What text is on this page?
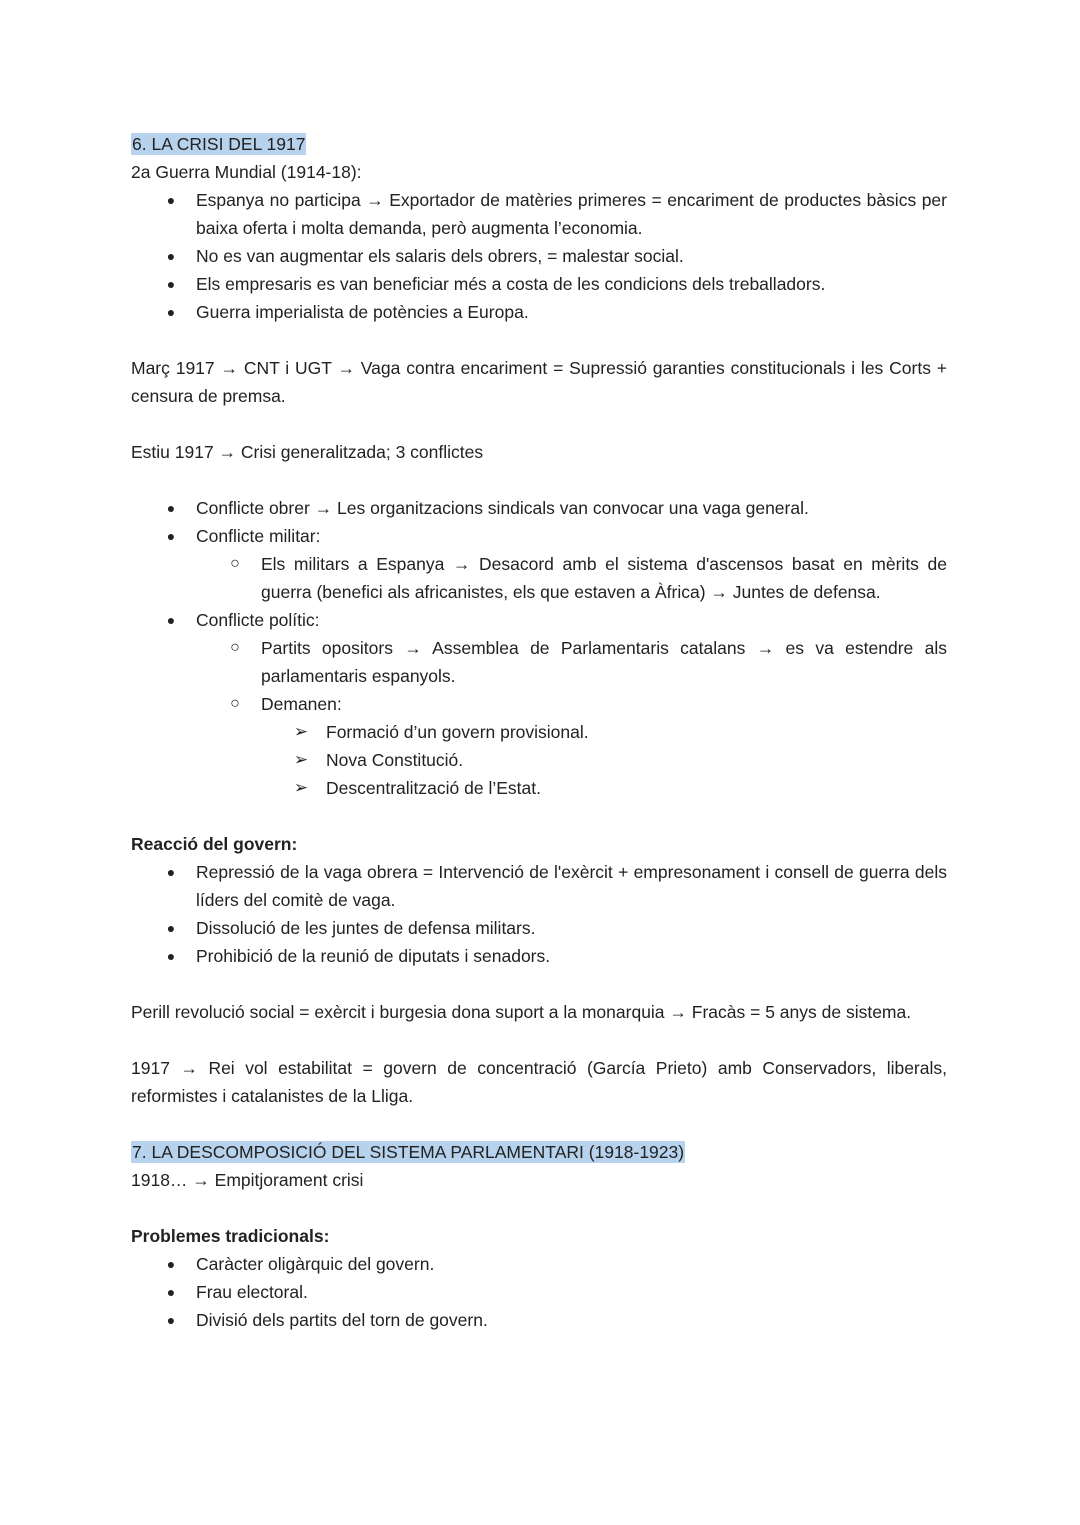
6. LA CRISI DEL 1917

2a Guerra Mundial (1914-18):

●	Espanya no participa → Exportador de matèries primeres = encariment de productes bàsics per baixa oferta i molta demanda, però augmenta l’economia.
●	No es van augmentar els salaris dels obrers, = malestar social.
●	Els empresaris es van beneficiar més a costa de les condicions dels treballadors.
●	Guerra imperialista de potències a Europa.

Març 1917 → CNT i UGT → Vaga contra encariment = Supressió garanties constitucionals i les Corts + censura de premsa.

Estiu 1917 → Crisi generalitzada; 3 conflictes

●	Conflicte obrer → Les organitzacions sindicals van convocar una vaga general.
●	Conflicte militar:
○ Els militars a Espanya → Desacord amb el sistema d'ascensos basat en mèrits de guerra (benefici als africanistes, els que estaven a Àfrica) → Juntes de defensa.
●	Conflicte polític:
○ Partits opositors → Assemblea de Parlamentaris catalans → es va estendre als parlamentaris espanyols.
○ Demanen:
➢ Formació d’un govern provisional.
➢ Nova Constitució.
➢ Descentralització de l’Estat.

Reacció del govern:

●	Repressió de la vaga obrera = Intervenció de l'exèrcit + empresonament i consell de guerra dels líders del comitè de vaga.
●	Dissolució de les juntes de defensa militars.
●	Prohibició de la reunió de diputats i senadors.

Perill revolució social = exèrcit i burgesia dona suport a la monarquia → Fracàs = 5 anys de sistema.

1917 → Rei vol estabilitat = govern de concentració (García Prieto) amb Conservadors, liberals, reformistes i catalanistes de la Lliga.

7. LA DESCOMPOSICIÓ DEL SISTEMA PARLAMENTARI (1918-1923)

1918… → Empitjorament crisi

Problemes tradicionals:

●	Caràcter oligàrquic del govern.
●	Frau electoral.
●	Divisió dels partits del torn de govern.
